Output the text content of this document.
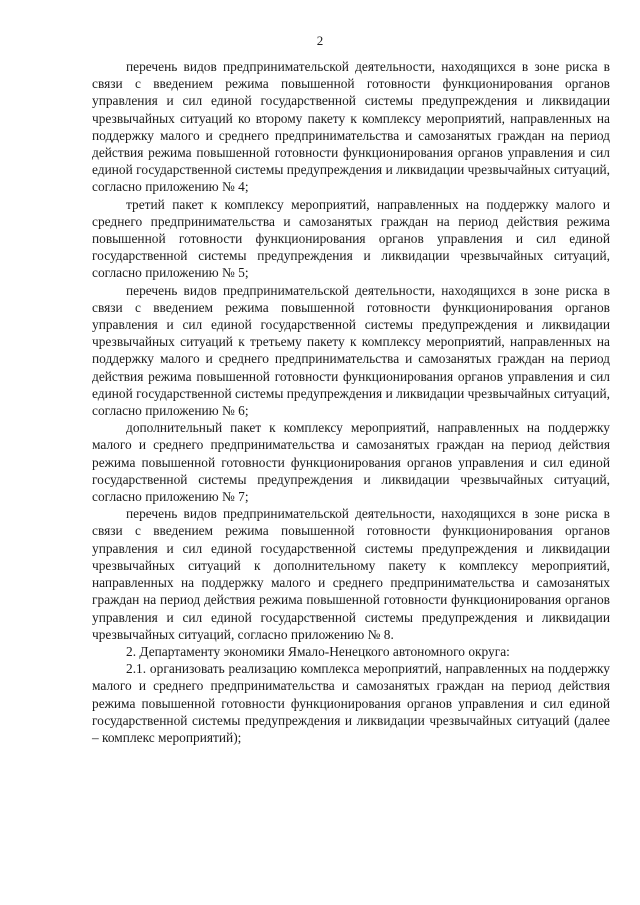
2

перечень видов предпринимательской деятельности, находящихся в зоне риска в связи с введением режима повышенной готовности функционирования органов управления и сил единой государственной системы предупреждения и ликвидации чрезвычайных ситуаций ко второму пакету к комплексу мероприятий, направленных на поддержку малого и среднего предпринимательства и самозанятых граждан на период действия режима повышенной готовности функционирования органов управления и сил единой государственной системы предупреждения и ликвидации чрезвычайных ситуаций, согласно приложению № 4;

третий пакет к комплексу мероприятий, направленных на поддержку малого и среднего предпринимательства и самозанятых граждан на период действия режима повышенной готовности функционирования органов управления и сил единой государственной системы предупреждения и ликвидации чрезвычайных ситуаций, согласно приложению № 5;

перечень видов предпринимательской деятельности, находящихся в зоне риска в связи с введением режима повышенной готовности функционирования органов управления и сил единой государственной системы предупреждения и ликвидации чрезвычайных ситуаций к третьему пакету к комплексу мероприятий, направленных на поддержку малого и среднего предпринимательства и самозанятых граждан на период действия режима повышенной готовности функционирования органов управления и сил единой государственной системы предупреждения и ликвидации чрезвычайных ситуаций, согласно приложению № 6;

дополнительный пакет к комплексу мероприятий, направленных на поддержку малого и среднего предпринимательства и самозанятых граждан на период действия режима повышенной готовности функционирования органов управления и сил единой государственной системы предупреждения и ликвидации чрезвычайных ситуаций, согласно приложению № 7;

перечень видов предпринимательской деятельности, находящихся в зоне риска в связи с введением режима повышенной готовности функционирования органов управления и сил единой государственной системы предупреждения и ликвидации чрезвычайных ситуаций к дополнительному пакету к комплексу мероприятий, направленных на поддержку малого и среднего предпринимательства и самозанятых граждан на период действия режима повышенной готовности функционирования органов управления и сил единой государственной системы предупреждения и ликвидации чрезвычайных ситуаций, согласно приложению № 8.

2. Департаменту экономики Ямало-Ненецкого автономного округа:

2.1. организовать реализацию комплекса мероприятий, направленных на поддержку малого и среднего предпринимательства и самозанятых граждан на период действия режима повышенной готовности функционирования органов управления и сил единой государственной системы предупреждения и ликвидации чрезвычайных ситуаций (далее – комплекс мероприятий);
